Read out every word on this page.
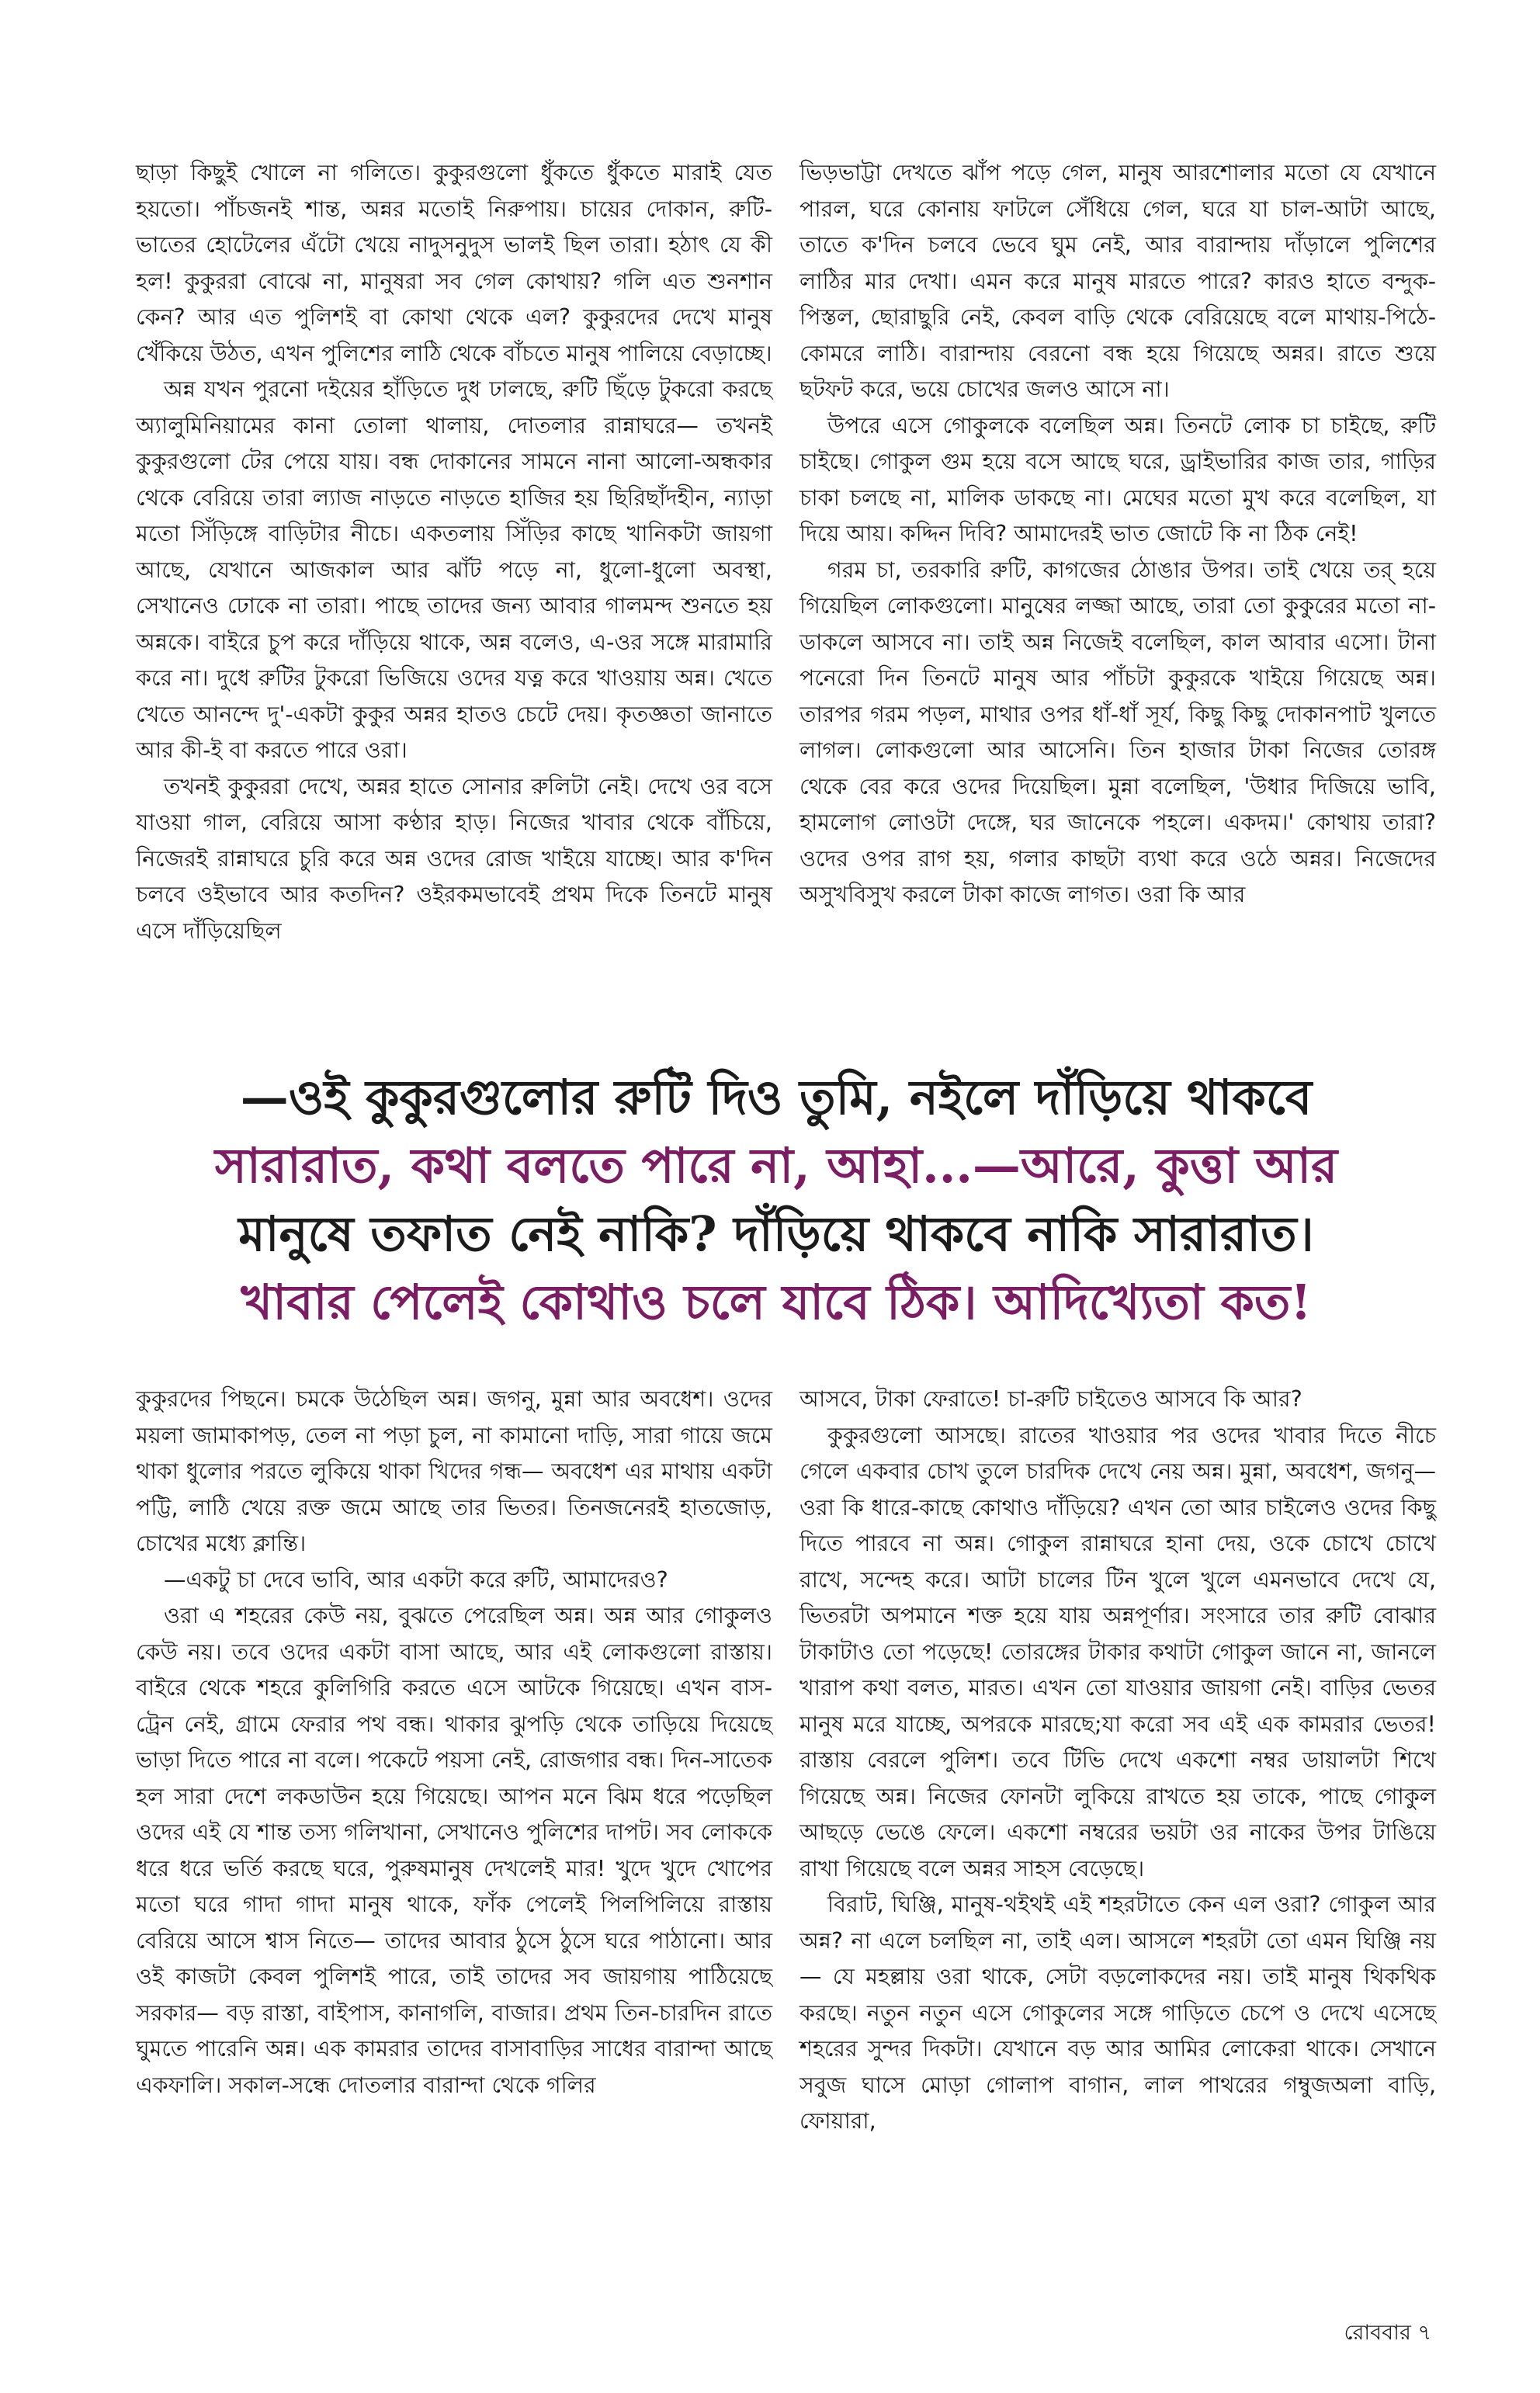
ছাড়া কিছুই খোলে না গলিতে। কুকুরগুলো ধুঁকতে ধুঁকতে মারাই যেত হয়তো। পাঁচজনই শান্ত, অন্নর মতোই নিরুপায়। চায়ের দোকান, রুটি-ভাতের হোটেলের এঁটো খেয়ে নাদুসনুদুস ভালই ছিল তারা। হঠাৎ যে কী হল! কুকুররা বোঝে না, মানুষরা সব গেল কোথায়? গলি এত শুনশান কেন? আর এত পুলিশই বা কোথা থেকে এল? কুকুরদের দেখে মানুষ খেঁকিয়ে উঠত, এখন পুলিশের লাঠি থেকে বাঁচতে মানুষ পালিয়ে বেড়াচ্ছে।

অন্ন যখন পুরনো দইয়ের হাঁড়িতে দুধ ঢালছে, রুটি ছিঁড়ে টুকরো করছে অ্যালুমিনিয়ামের কানা তোলা থালায়, দোতলার রান্নাঘরে— তখনই কুকুরগুলো টের পেয়ে যায়। বন্ধ দোকানের সামনে নানা আলো-অন্ধকার থেকে বেরিয়ে তারা ল্যাজ নাড়তে নাড়তে হাজির হয় ছিরিছাঁদহীন, ন্যাড়া মতো সিঁড়িঙ্গে বাড়িটার নীচে। একতলায় সিঁড়ির কাছে খানিকটা জায়গা আছে, যেখানে আজকাল আর ঝাঁট পড়ে না, ধুলো-ধুলো অবস্থা, সেখানেও ঢোকে না তারা। পাছে তাদের জন্য আবার গালমন্দ শুনতে হয় অন্নকে। বাইরে চুপ করে দাঁড়িয়ে থাকে, অন্ন বলেও, এ-ওর সঙ্গে মারামারি করে না। দুধে রুটির টুকরো ভিজিয়ে ওদের যত্ন করে খাওয়ায় অন্ন। খেতে খেতে আনন্দে দু'-একটা কুকুর অন্নর হাতও চেটে দেয়। কৃতজ্ঞতা জানাতে আর কী-ই বা করতে পারে ওরা।

তখনই কুকুররা দেখে, অন্নর হাতে সোনার রুলিটা নেই। দেখে ওর বসে যাওয়া গাল, বেরিয়ে আসা কণ্ঠার হাড়। নিজের খাবার থেকে বাঁচিয়ে, নিজেরই রান্নাঘরে চুরি করে অন্ন ওদের রোজ খাইয়ে যাচ্ছে। আর ক'দিন চলবে ওইভাবে আর কতদিন? ওইরকমভাবেই প্রথম দিকে তিনটে মানুষ এসে দাঁড়িয়েছিল

ভিড়ভাট্টা দেখতে ঝাঁপ পড়ে গেল, মানুষ আরশোলার মতো যে যেখানে পারল, ঘরে কোনায় ফাটলে সেঁধিয়ে গেল, ঘরে যা চাল-আটা আছে, তাতে ক'দিন চলবে ভেবে ঘুম নেই, আর বারান্দায় দাঁড়ালে পুলিশের লাঠির মার দেখা। এমন করে মানুষ মারতে পারে? কারও হাতে বন্দুক-পিস্তল, ছোরাছুরি নেই, কেবল বাড়ি থেকে বেরিয়েছে বলে মাথায়-পিঠে-কোমরে লাঠি। বারান্দায় বেরনো বন্ধ হয়ে গিয়েছে অন্নর। রাতে শুয়ে ছটফট করে, ভয়ে চোখের জলও আসে না।

উপরে এসে গোকুলকে বলেছিল অন্ন। তিনটে লোক চা চাইছে, রুটি চাইছে। গোকুল গুম হয়ে বসে আছে ঘরে, ড্রাইভারির কাজ তার, গাড়ির চাকা চলছে না, মালিক ডাকছে না। মেঘের মতো মুখ করে বলেছিল, যা দিয়ে আয়। কদ্দিন দিবি? আমাদেরই ভাত জোটে কি না ঠিক নেই!

গরম চা, তরকারি রুটি, কাগজের ঠোঙার উপর। তাই খেয়ে তর্ হয়ে গিয়েছিল লোকগুলো। মানুষের লজ্জা আছে, তারা তো কুকুরের মতো না-ডাকলে আসবে না। তাই অন্ন নিজেই বলেছিল, কাল আবার এসো। টানা পনেরো দিন তিনটে মানুষ আর পাঁচটা কুকুরকে খাইয়ে গিয়েছে অন্ন। তারপর গরম পড়ল, মাথার ওপর ধাঁ-ধাঁ সূর্য, কিছু কিছু দোকানপাট খুলতে লাগল। লোকগুলো আর আসেনি। তিন হাজার টাকা নিজের তোরঙ্গ থেকে বের করে ওদের দিয়েছিল। মুন্না বলেছিল, 'উধার দিজিয়ে ভাবি, হামলোগ লোওটা দেঙ্গে, ঘর জানেকে পহলে। একদম।' কোথায় তারা? ওদের ওপর রাগ হয়, গলার কাছটা ব্যথা করে ওঠে অন্নর। নিজেদের অসুখবিসুখ করলে টাকা কাজে লাগত। ওরা কি আর

—ওই কুকুরগুলোর রুটি দিও তুমি, নইলে দাঁড়িয়ে থাকবে
সারারাত, কথা বলতে পারে না, আহা...—আরে, কুত্তা আর
মানুষে তফাত নেই নাকি? দাঁড়িয়ে থাকবে নাকি সারারাত।
খাবার পেলেই কোথাও চলে যাবে ঠিক। আদিখ্যেতা কত!

কুকুরদের পিছনে। চমকে উঠেছিল অন্ন। জগনু, মুন্না আর অবধেশ। ওদের ময়লা জামাকাপড়, তেল না পড়া চুল, না কামানো দাড়ি, সারা গায়ে জমে থাকা ধুলোর পরতে লুকিয়ে থাকা খিদের গন্ধ— অবধেশ এর মাথায় একটা পট্টি, লাঠি খেয়ে রক্ত জমে আছে তার ভিতর। তিনজনেরই হাতজোড়, চোখের মধ্যে ক্লান্তি।

—একটু চা দেবে ভাবি, আর একটা করে রুটি, আমাদেরও?

ওরা এ শহরের কেউ নয়, বুঝতে পেরেছিল অন্ন। অন্ন আর গোকুলও কেউ নয়। তবে ওদের একটা বাসা আছে, আর এই লোকগুলো রাস্তায়। বাইরে থেকে শহরে কুলিগিরি করতে এসে আটকে গিয়েছে। এখন বাস-ট্রেন নেই, গ্রামে ফেরার পথ বন্ধ। থাকার ঝুপড়ি থেকে তাড়িয়ে দিয়েছে ভাড়া দিতে পারে না বলে। পকেটে পয়সা নেই, রোজগার বন্ধ। দিন-সাতেক হল সারা দেশে লকডাউন হয়ে গিয়েছে। আপন মনে ঝিম ধরে পড়েছিল ওদের এই যে শান্ত তস্য গলিখানা, সেখানেও পুলিশের দাপট। সব লোককে ধরে ধরে ভর্তি করছে ঘরে, পুরুষমানুষ দেখলেই মার! খুদে খুদে খোপের মতো ঘরে গাদা গাদা মানুষ থাকে, ফাঁক পেলেই পিলপিলিয়ে রাস্তায় বেরিয়ে আসে শ্বাস নিতে— তাদের আবার ঠুসে ঠুসে ঘরে পাঠানো। আর ওই কাজটা কেবল পুলিশই পারে, তাই তাদের সব জায়গায় পাঠিয়েছে সরকার— বড় রাস্তা, বাইপাস, কানাগলি, বাজার। প্রথম তিন-চারদিন রাতে ঘুমতে পারেনি অন্ন। এক কামরার তাদের বাসাবাড়ির সাধের বারান্দা আছে একফালি। সকাল-সন্ধে দোতলার বারান্দা থেকে গলির

আসবে, টাকা ফেরাতে! চা-রুটি চাইতেও আসবে কি আর?

কুকুরগুলো আসছে। রাতের খাওয়ার পর ওদের খাবার দিতে নীচে গেলে একবার চোখ তুলে চারদিক দেখে নেয় অন্ন। মুন্না, অবধেশ, জগনু— ওরা কি ধারে-কাছে কোথাও দাঁড়িয়ে? এখন তো আর চাইলেও ওদের কিছু দিতে পারবে না অন্ন। গোকুল রান্নাঘরে হানা দেয়, ওকে চোখে চোখে রাখে, সন্দেহ করে। আটা চালের টিন খুলে খুলে এমনভাবে দেখে যে, ভিতরটা অপমানে শক্ত হয়ে যায় অন্নপূর্ণার। সংসারে তার রুটি বোঝার টাকাটাও তো পড়েছে! তোরঙ্গের টাকার কথাটা গোকুল জানে না, জানলে খারাপ কথা বলত, মারত। এখন তো যাওয়ার জায়গা নেই। বাড়ির ভেতর মানুষ মরে যাচ্ছে, অপরকে মারছে;যা করো সব এই এক কামরার ভেতর! রাস্তায় বেরলে পুলিশ। তবে টিভি দেখে একশো নম্বর ডায়ালটা শিখে গিয়েছে অন্ন। নিজের ফোনটা লুকিয়ে রাখতে হয় তাকে, পাছে গোকুল আছড়ে ভেঙে ফেলে। একশো নম্বরের ভয়টা ওর নাকের উপর টাঙিয়ে রাখা গিয়েছে বলে অন্নর সাহস বেড়েছে।

বিরাট, ঘিঞ্জি, মানুষ-থইথই এই শহরটাতে কেন এল ওরা? গোকুল আর অন্ন? না এলে চলছিল না, তাই এল। আসলে শহরটা তো এমন ঘিঞ্জি নয়— যে মহল্লায় ওরা থাকে, সেটা বড়লোকদের নয়। তাই মানুষ থিকথিক করছে। নতুন নতুন এসে গোকুলের সঙ্গে গাড়িতে চেপে ও দেখে এসেছে শহরের সুন্দর দিকটা। যেখানে বড় আর আমির লোকেরা থাকে। সেখানে সবুজ ঘাসে মোড়া গোলাপ বাগান, লাল পাথরের গম্বুজঅলা বাড়ি, ফোয়ারা,

রোববার ৭
